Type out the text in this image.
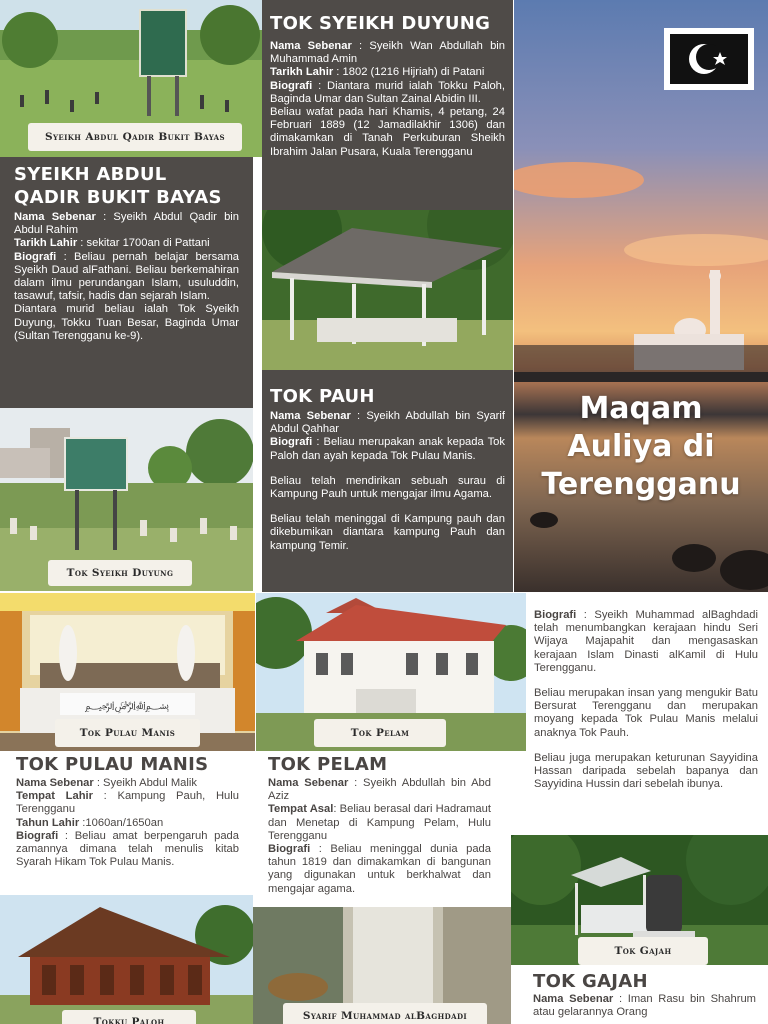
﷽
TOK SYEIKH DUYUNG

Nama Sebenar : Syeikh Wan Abdullah bin Muhammad Amin

Tarikh Lahir : 1802 (1216 Hijriah) di Patani

Biografi : Diantara murid ialah Tokku Paloh, Baginda Umar dan Sultan Zainal Abidin III.

Beliau wafat pada hari Khamis, 4 petang, 24 Februari 1889 (12 Jamadilakhir 1306) dan dimakamkan di Tanah Perkuburan Sheikh Ibrahim Jalan Pusara, Kuala Terengganu

SYEIKH ABDUL QADIR BUKIT BAYAS

Nama Sebenar : Syeikh Abdul Qadir bin Abdul Rahim

Tarikh Lahir : sekitar 1700an di Pattani

Biografi : Beliau pernah belajar bersama Syeikh Daud alFathani. Beliau berkemahiran dalam ilmu perundangan Islam, usuluddin, tasawuf, tafsir, hadis dan sejarah Islam.

Diantara murid beliau ialah Tok Syeikh Duyung, Tokku Tuan Besar, Baginda Umar (Sultan Terengganu ke-9).

TOK PAUH

Nama Sebenar : Syeikh Abdullah bin Syarif Abdul Qahhar

Biografi : Beliau merupakan anak kepada Tok Paloh dan ayah kepada Tok Pulau Manis.

Beliau telah mendirikan sebuah surau di Kampung Pauh untuk mengajar ilmu Agama.

Beliau telah meninggal di Kampung pauh dan dikebumikan diantara kampung Pauh dan kampung Temir.

Maqam
Auliya di
Terengganu

Biografi : Syeikh Muhammad alBaghdadi telah menumbangkan kerajaan hindu Seri Wijaya Majapahit dan mengasaskan kerajaan Islam Dinasti alKamil di Hulu Terengganu.

Beliau merupakan insan yang mengukir Batu Bersurat Terengganu dan merupakan moyang kepada Tok Pulau Manis melalui anaknya Tok Pauh.

Beliau juga merupakan keturunan Sayyidina Hassan daripada sebelah bapanya dan Sayyidina Hussin dari sebelah ibunya.

TOK PULAU MANIS

Nama Sebenar : Syeikh Abdul Malik

Tempat Lahir : Kampung Pauh, Hulu Terengganu

Tahun Lahir :1060an/1650an

Biografi : Beliau amat berpengaruh pada zamannya dimana telah menulis kitab Syarah Hikam Tok Pulau Manis.

TOK PELAM

Nama Sebenar : Syeikh Abdullah bin Abd Aziz

Tempat Asal: Beliau berasal dari Hadramaut dan Menetap di Kampung Pelam, Hulu Terengganu

Biografi : Beliau meninggal dunia pada tahun 1819 dan dimakamkan di bangunan yang digunakan untuk berkhalwat dan mengajar agama.

TOK GAJAH

Nama Sebenar : Iman Rasu bin Shahrum atau gelarannya Orang

Syeikh Abdul Qadir Bukit Bayas
Tok Syeikh Duyung
Tok Pulau Manis	Tok Pelam
Tok Gajah
Tokku Paloh	Syarif Muhammad alBaghdadi
